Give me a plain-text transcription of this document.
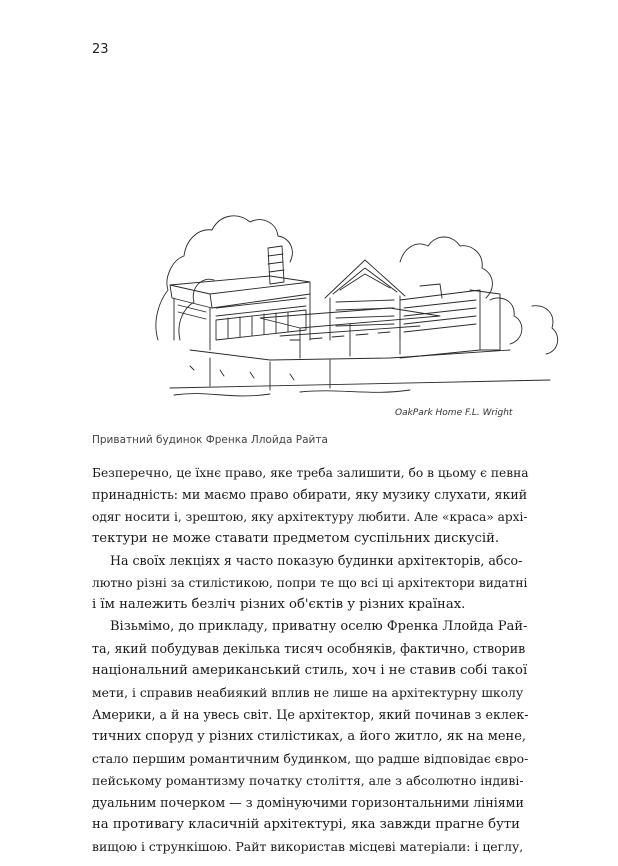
23
OakPark Home F.L. Wright
Приватний будинок Френка Ллойда Райта
Безперечно, це їхнє право, яке треба залишити, бо в цьому є певна
принадність: ми маємо право обирати, яку музику слухати, який
одяг носити і, зрештою, яку архітектуру любити. Але «краса» архі-
тектури не може ставати предметом суспільних дискусій.
На своїх лекціях я часто показую будинки архітекторів, абсо-
лютно різні за стилістикою, попри те що всі ці архітектори видатні
і їм належить безліч різних об'єктів у різних країнах.
Візьмімо, до прикладу, приватну оселю Френка Ллойда Рай-
та, який побудував декілька тисяч особняків, фактично, створив
національний американський стиль, хоч і не ставив собі такої
мети, і справив неабиякий вплив не лише на архітектурну школу
Америки, а й на увесь світ. Це архітектор, який починав з еклек-
тичних споруд у різних стилістиках, а його житло, як на мене,
стало першим романтичним будинком, що радше відповідає євро-
пейському романтизму початку століття, але з абсолютно індиві-
дуальним почерком — з домінуючими горизонтальними лініями
на противагу класичній архітектурі, яка завжди прагне бути
вищою і стрункішою. Райт використав місцеві матеріали: і цеглу,
